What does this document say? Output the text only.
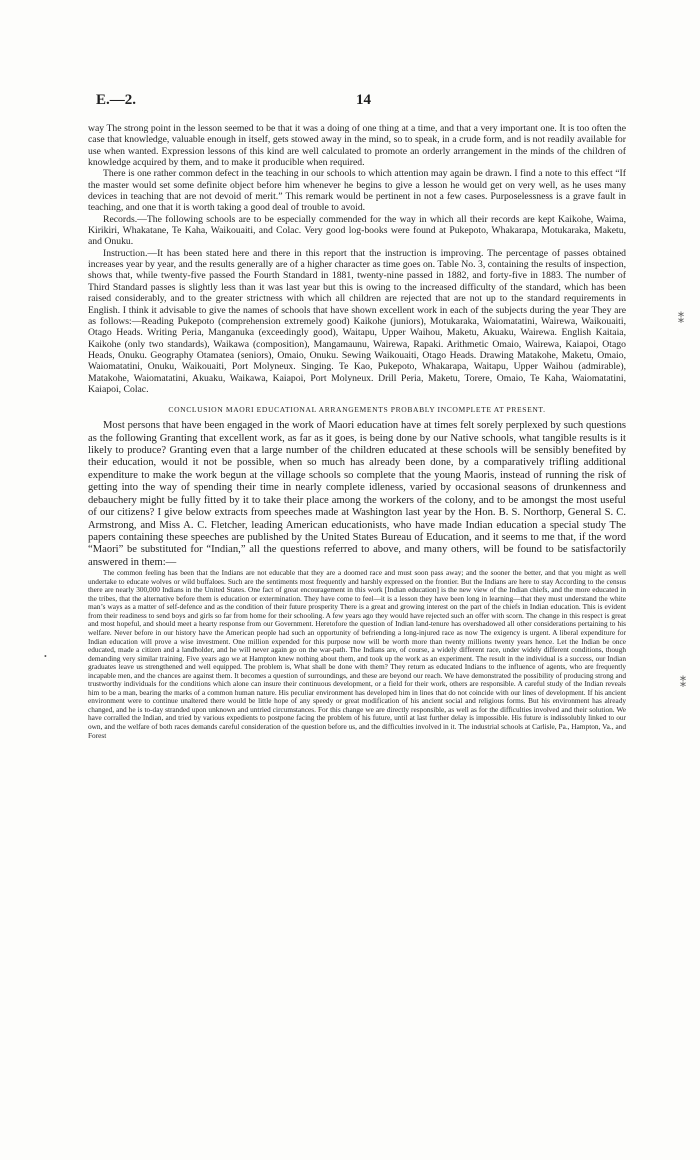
E.—2.	14

way The strong point in the lesson seemed to be that it was a doing of one thing at a time, and that a very important one. It is too often the case that knowledge, valuable enough in itself, gets stowed away in the mind, so to speak, in a crude form, and is not readily available for use when wanted. Expression lessons of this kind are well calculated to promote an orderly arrangement in the minds of the children of knowledge acquired by them, and to make it producible when required.

There is one rather common defect in the teaching in our schools to which attention may again be drawn. I find a note to this effect “If the master would set some definite object before him whenever he begins to give a lesson he would get on very well, as he uses many devices in teaching that are not devoid of merit.” This remark would be pertinent in not a few cases. Purposelessness is a grave fault in teaching, and one that it is worth taking a good deal of trouble to avoid.

Records.—The following schools are to be especially commended for the way in which all their records are kept Kaikohe, Waima, Kirikiri, Whakatane, Te Kaha, Waikouaiti, and Colac. Very good log-books were found at Pukepoto, Whakarapa, Motukaraka, Maketu, and Onuku.

Instruction.—It has been stated here and there in this report that the instruction is improving. The percentage of passes obtained increases year by year, and the results generally are of a higher character as time goes on. Table No. 3, containing the results of inspection, shows that, while twenty-five passed the Fourth Standard in 1881, twenty-nine passed in 1882, and forty-five in 1883. The number of Third Standard passes is slightly less than it was last year but this is owing to the increased difficulty of the standard, which has been raised considerably, and to the greater strictness with which all children are rejected that are not up to the standard requirements in English. I think it advisable to give the names of schools that have shown excellent work in each of the subjects during the year They are as follows:—Reading Pukepoto (comprehension extremely good) Kaikohe (juniors), Motukaraka, Waiomatatini, Wairewa, Waikouaiti, Otago Heads. Writing Peria, Manganuka (exceedingly good), Waitapu, Upper Waihou, Maketu, Akuaku, Wairewa. English Kaitaia, Kaikohe (only two standards), Waikawa (composition), Mangamaunu, Wairewa, Rapaki. Arithmetic Omaio, Wairewa, Kaiapoi, Otago Heads, Onuku. Geography Otamatea (seniors), Omaio, Onuku. Sewing Waikouaiti, Otago Heads. Drawing Matakohe, Maketu, Omaio, Waiomatatini, Onuku, Waikouaiti, Port Molyneux. Singing. Te Kao, Pukepoto, Whakarapa, Waitapu, Upper Waihou (admirable), Matakohe, Waiomatatini, Akuaku, Waikawa, Kaiapoi, Port Molyneux. Drill Peria, Maketu, Torere, Omaio, Te Kaha, Waiomatatini, Kaiapoi, Colac.

CONCLUSION MAORI EDUCATIONAL ARRANGEMENTS PROBABLY INCOMPLETE AT PRESENT.

Most persons that have been engaged in the work of Maori education have at times felt sorely perplexed by such questions as the following Granting that excellent work, as far as it goes, is being done by our Native schools, what tangible results is it likely to produce? Granting even that a large number of the children educated at these schools will be sensibly benefited by their education, would it not be possible, when so much has already been done, by a comparatively trifling additional expenditure to make the work begun at the village schools so complete that the young Maoris, instead of running the risk of getting into the way of spending their time in nearly complete idleness, varied by occasional seasons of drunkenness and debauchery might be fully fitted by it to take their place among the workers of the colony, and to be amongst the most useful of our citizens? I give below extracts from speeches made at Washington last year by the Hon. B. S. Northorp, General S. C. Armstrong, and Miss A. C. Fletcher, leading American educationists, who have made Indian education a special study The papers containing these speeches are published by the United States Bureau of Education, and it seems to me that, if the word “Maori” be substituted for “Indian,” all the questions referred to above, and many others, will be found to be satisfactorily answered in them:—

The common feeling has been that the Indians are not educable that they are a doomed race and must soon pass away; and the sooner the better, and that you might as well undertake to educate wolves or wild buffaloes. Such are the sentiments most frequently and harshly expressed on the frontier. But the Indians are here to stay According to the census there are nearly 300,000 Indians in the United States. One fact of great encouragement in this work [Indian education] is the new view of the Indian chiefs, and the more educated in the tribes, that the alternative before them is education or extermination. They have come to feel—it is a lesson they have been long in learning—that they must understand the white man’s ways as a matter of self-defence and as the condition of their future prosperity There is a great and growing interest on the part of the chiefs in Indian education. This is evident from their readiness to send boys and girls so far from home for their schooling. A few years ago they would have rejected such an offer with scorn. The change in this respect is great and most hopeful, and should meet a hearty response from our Government. Heretofore the question of Indian land-tenure has overshadowed all other considerations pertaining to his welfare. Never before in our history have the American people had such an opportunity of befriending a long-injured race as now The exigency is urgent. A liberal expenditure for Indian education will prove a wise investment. One million expended for this purpose now will be worth more than twenty millions twenty years hence. Let the Indian be once educated, made a citizen and a landholder, and he will never again go on the war-path. The Indians are, of course, a widely different race, under widely different conditions, though demanding very similar training. Five years ago we at Hampton knew nothing about them, and took up the work as an experiment. The result in the individual is a success, our Indian graduates leave us strengthened and well equipped. The problem is, What shall be done with them? They return as educated Indians to the influence of agents, who are frequently incapable men, and the chances are against them. It becomes a question of surroundings, and these are beyond our reach. We have demonstrated the possibility of producing strong and trustworthy individuals for the conditions which alone can insure their continuous development, or a field for their work, others are responsible. A careful study of the Indian reveals him to be a man, bearing the marks of a common human nature. His peculiar environment has developed him in lines that do not coincide with our lines of development. If his ancient environment were to continue unaltered there would be little hope of any speedy or great modification of his ancient social and religious forms. But his environment has already changed, and he is to-day stranded upon unknown and untried circumstances. For this change we are directly responsible, as well as for the difficulties involved and their solution. We have corralled the Indian, and tried by various expedients to postpone facing the problem of his future, until at last further delay is impossible. His future is indissolubly linked to our own, and the welfare of both races demands careful consideration of the question before us, and the difficulties involved in it. The industrial schools at Carlisle, Pa., Hampton, Va., and Forest

⁑
⁑
•
